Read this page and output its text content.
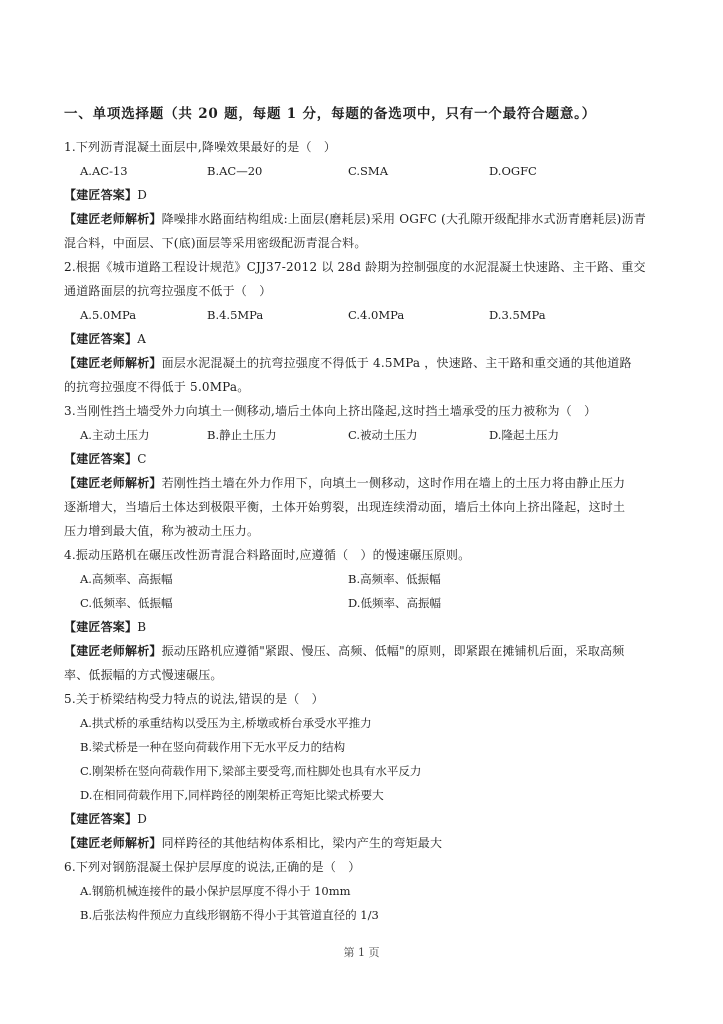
一、单项选择题（共 20 题，每题 1 分，每题的备选项中，只有一个最符合题意。）
1.下列沥青混凝土面层中,降噪效果最好的是（　）
A.AC-13	B.AC—20	C.SMA	D.OGFC
【建匠答案】D
【建匠老师解析】降噪排水路面结构组成:上面层(磨耗层)采用 OGFC (大孔隙开级配排水式沥青磨耗层)沥青
混合料，中面层、下(底)面层等采用密级配沥青混合料。
2.根据《城市道路工程设计规范》CJJ37-2012 以 28d 龄期为控制强度的水泥混凝土快速路、主干路、重交
通道路面层的抗弯拉强度不低于（　）
A.5.0MPa	B.4.5MPa	C.4.0MPa	D.3.5MPa
【建匠答案】A
【建匠老师解析】面层水泥混凝土的抗弯拉强度不得低于 4.5MPa ，快速路、主干路和重交通的其他道路
的抗弯拉强度不得低于 5.0MPa。
3.当刚性挡土墙受外力向填土一侧移动,墙后土体向上挤出隆起,这时挡土墙承受的压力被称为（　）
A.主动土压力	B.静止土压力	C.被动土压力	D.隆起土压力
【建匠答案】C
【建匠老师解析】若刚性挡土墙在外力作用下，向填土一侧移动，这时作用在墙上的土压力将由静止压力
逐渐增大，当墙后土体达到极限平衡，土体开始剪裂，出现连续滑动面，墙后土体向上挤出隆起，这时土
压力增到最大值，称为被动土压力。
4.振动压路机在碾压改性沥青混合料路面时,应遵循（　）的慢速碾压原则。
A.高频率、高振幅	B.高频率、低振幅
C.低频率、低振幅	D.低频率、高振幅
【建匠答案】B
【建匠老师解析】振动压路机应遵循"紧跟、慢压、高频、低幅"的原则，即紧跟在摊铺机后面，采取高频
率、低振幅的方式慢速碾压。
5.关于桥梁结构受力特点的说法,错误的是（　）
A.拱式桥的承重结构以受压为主,桥墩或桥台承受水平推力
B.梁式桥是一种在竖向荷载作用下无水平反力的结构
C.刚架桥在竖向荷载作用下,梁部主要受弯,而柱脚处也具有水平反力
D.在相同荷载作用下,同样跨径的刚架桥正弯矩比梁式桥要大
【建匠答案】D
【建匠老师解析】同样跨径的其他结构体系相比，梁内产生的弯矩最大
6.下列对钢筋混凝土保护层厚度的说法,正确的是（　）
A.钢筋机械连接件的最小保护层厚度不得小于 10mm
B.后张法构件预应力直线形钢筋不得小于其管道直径的 1/3
第 1 页
